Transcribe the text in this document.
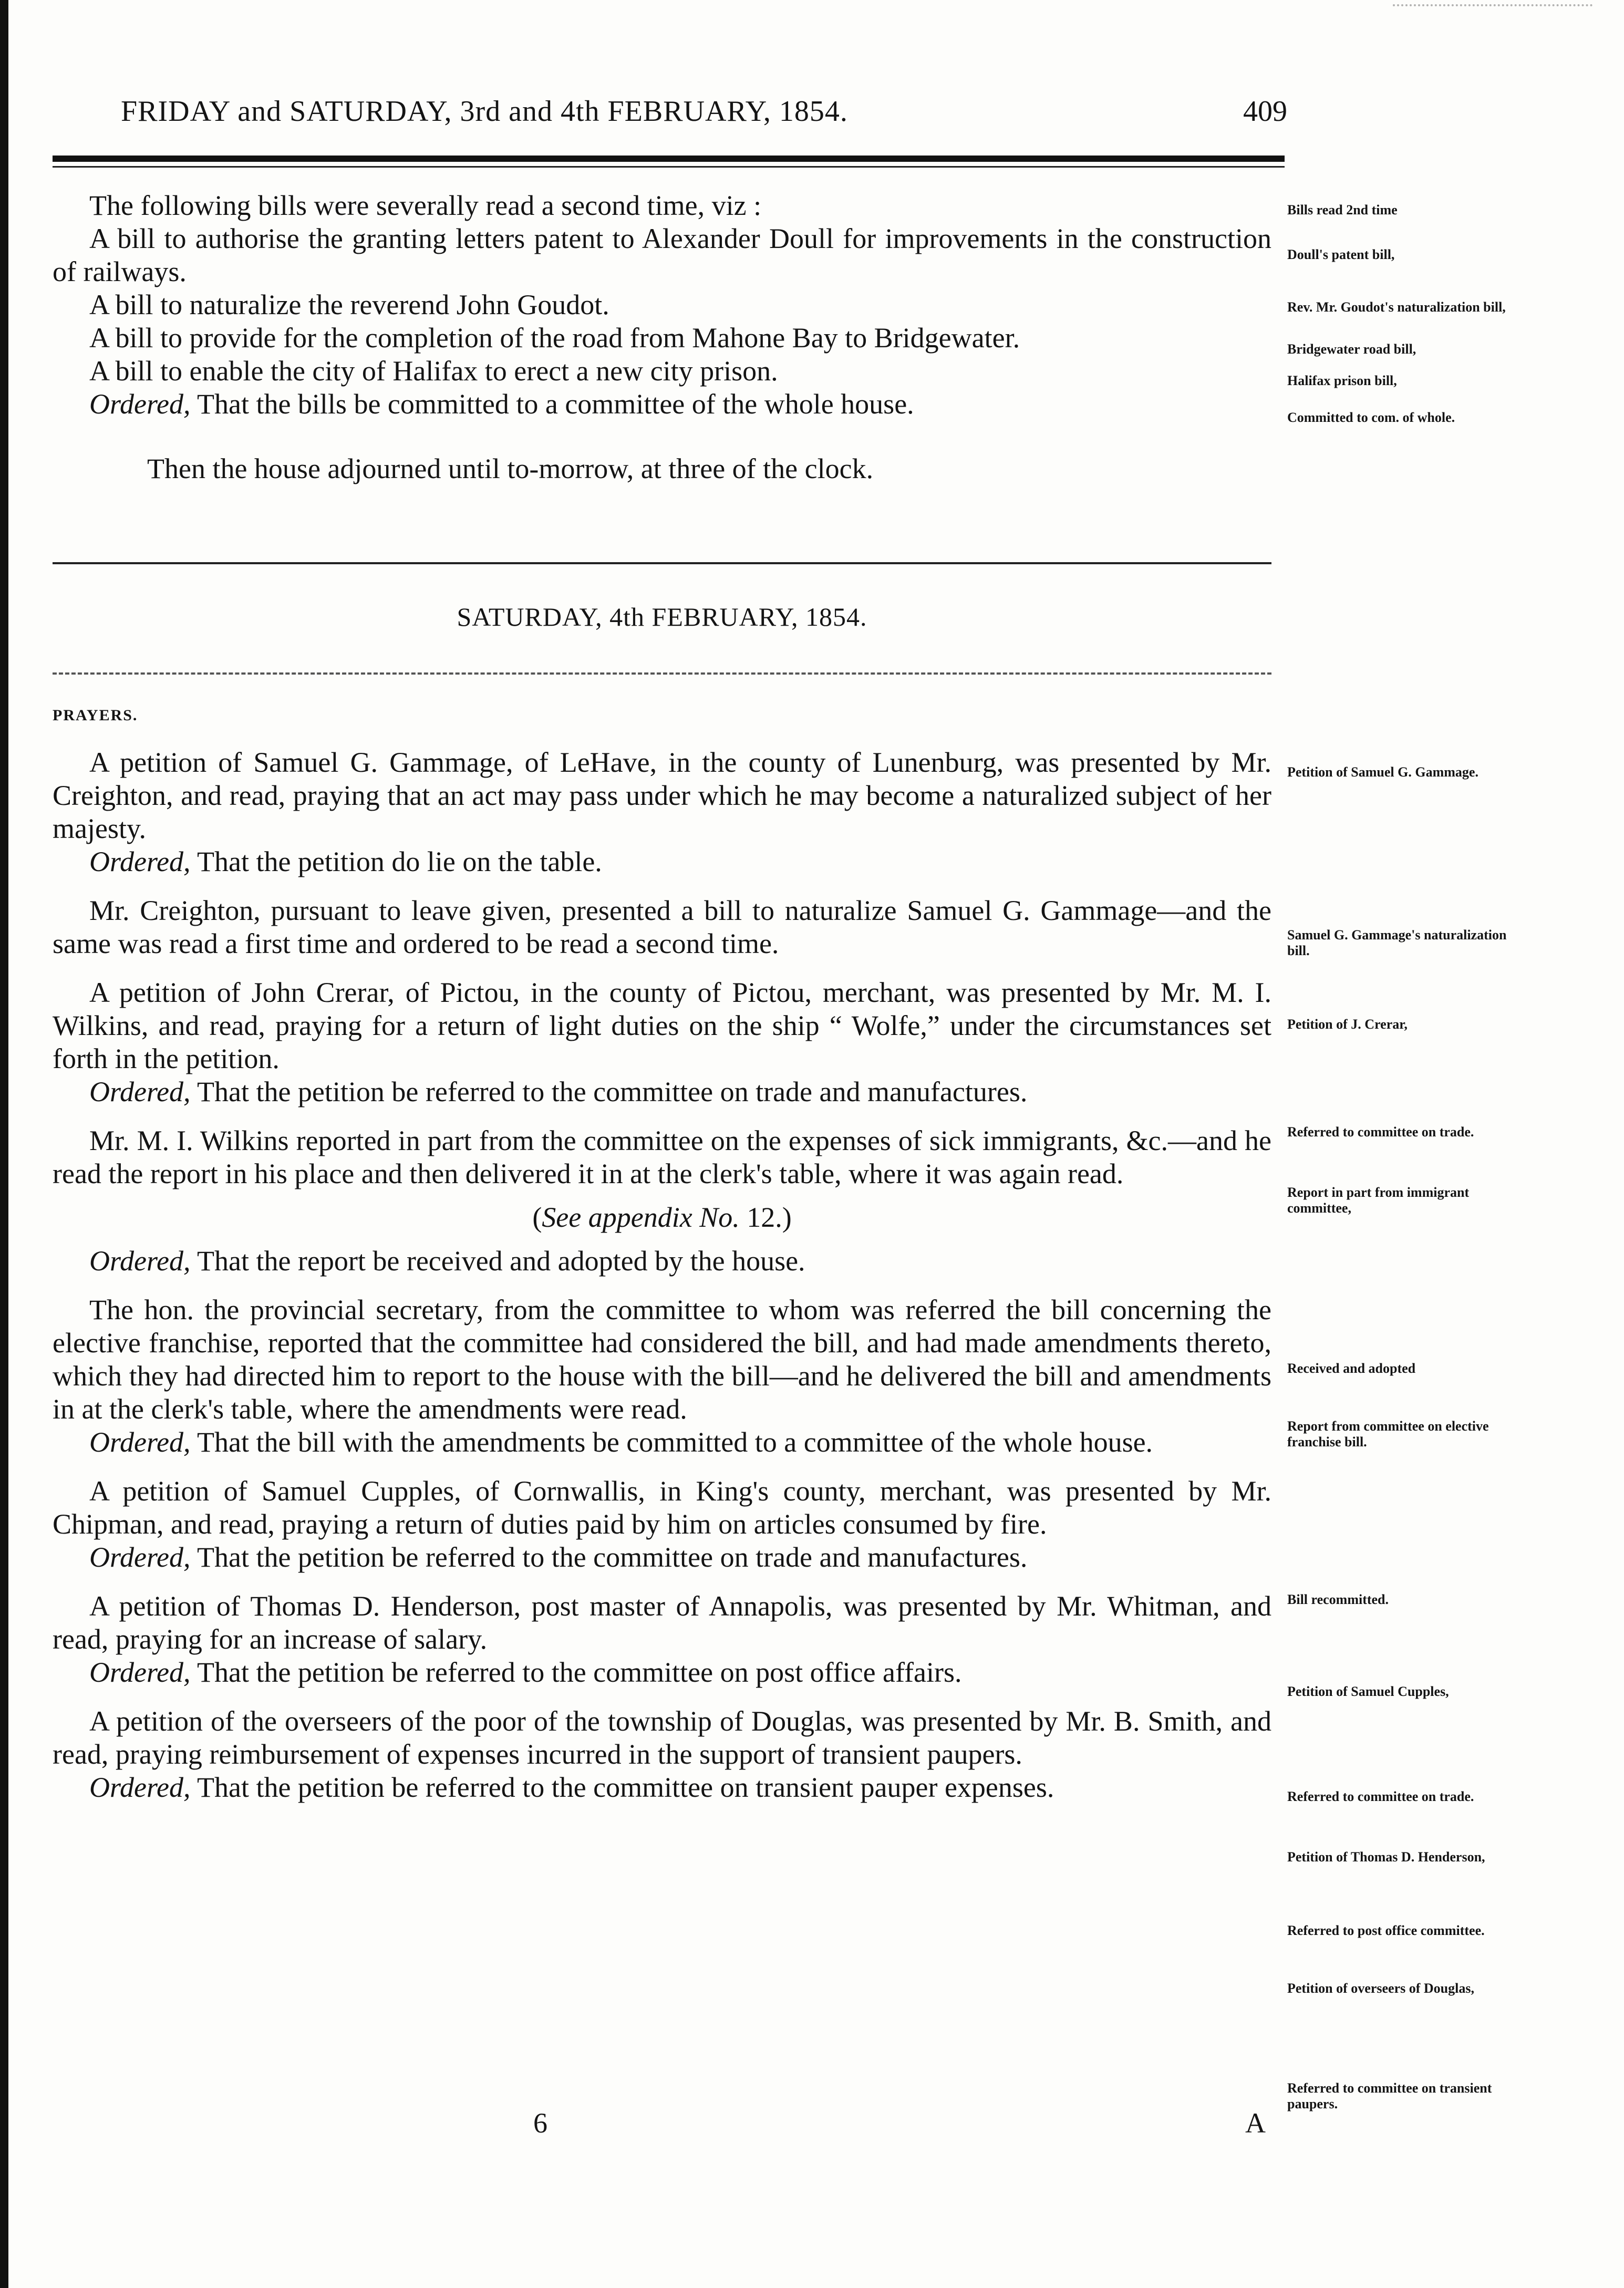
FRIDAY and SATURDAY, 3rd and 4th FEBRUARY, 1854.	409

The following bills were severally read a second time, viz :

A bill to authorise the granting letters patent to Alexander Doull for improvements in the construction of railways.

A bill to naturalize the reverend John Goudot.

A bill to provide for the completion of the road from Mahone Bay to Bridgewater.

A bill to enable the city of Halifax to erect a new city prison.

Ordered, That the bills be committed to a committee of the whole house.

Then the house adjourned until to-morrow, at three of the clock.

Bills read 2nd time
Doull's patent bill,
Rev. Mr. Goudot's naturalization bill,
Bridgewater road bill,
Halifax prison bill,
Committed to com. of whole.
SATURDAY, 4th FEBRUARY, 1854.
PRAYERS.

A petition of Samuel G. Gammage, of LeHave, in the county of Lunenburg, was presented by Mr. Creighton, and read, praying that an act may pass under which he may become a naturalized subject of her majesty.

Ordered, That the petition do lie on the table.

Mr. Creighton, pursuant to leave given, presented a bill to naturalize Samuel G. Gammage—and the same was read a first time and ordered to be read a second time.

A petition of John Crerar, of Pictou, in the county of Pictou, merchant, was presented by Mr. M. I. Wilkins, and read, praying for a return of light duties on the ship “ Wolfe,” under the circumstances set forth in the petition.

Ordered, That the petition be referred to the committee on trade and manufactures.

Mr. M. I. Wilkins reported in part from the committee on the expenses of sick immigrants, &c.—and he read the report in his place and then delivered it in at the clerk's table, where it was again read.

(See appendix No. 12.)

Ordered, That the report be received and adopted by the house.

The hon. the provincial secretary, from the committee to whom was referred the bill concerning the elective franchise, reported that the committee had considered the bill, and had made amendments thereto, which they had directed him to report to the house with the bill—and he delivered the bill and amendments in at the clerk's table, where the amendments were read.

Ordered, That the bill with the amendments be committed to a committee of the whole house.

A petition of Samuel Cupples, of Cornwallis, in King's county, merchant, was presented by Mr. Chipman, and read, praying a return of duties paid by him on articles consumed by fire.

Ordered, That the petition be referred to the committee on trade and manufactures.

A petition of Thomas D. Henderson, post master of Annapolis, was presented by Mr. Whitman, and read, praying for an increase of salary.

Ordered, That the petition be referred to the committee on post office affairs.

A petition of the overseers of the poor of the township of Douglas, was presented by Mr. B. Smith, and read, praying reimbursement of expenses incurred in the support of transient paupers.

Ordered, That the petition be referred to the committee on transient pauper expenses.

Petition of Samuel G. Gammage.
Samuel G. Gammage's naturalization bill.
Petition of J. Crerar,
Referred to committee on trade.
Report in part from immigrant committee,
Received and adopted
Report from committee on elective franchise bill.
Bill recommitted.
Petition of Samuel Cupples,
Referred to committee on trade.
Petition of Thomas D. Henderson,
Referred to post office committee.
Petition of overseers of Douglas,
Referred to committee on transient paupers.
6	A
